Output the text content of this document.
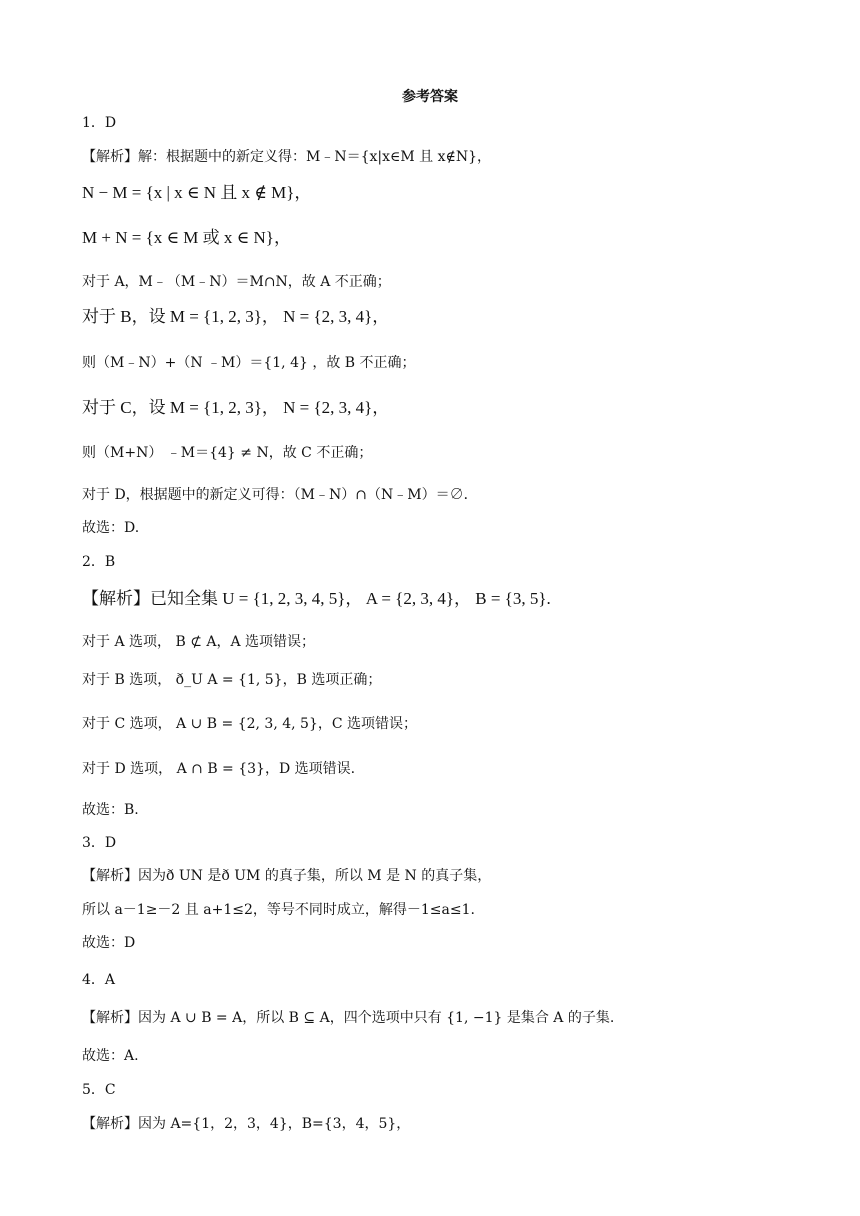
参考答案
1．D
【解析】解：根据题中的新定义得：M﹣N＝{x|x∈M 且 x∉N}，
N − M = {x | x ∈ N 且 x ∉ M}，
M + N = {x ∈ M 或 x ∈ N}，
对于 A，M﹣（M﹣N）＝M∩N，故 A 不正确；
对于 B，设 M = {1, 2, 3}， N = {2, 3, 4}，
则（M﹣N）+（N ﹣M）＝{1, 4} ，故 B 不正确；
对于 C，设 M = {1, 2, 3}， N = {2, 3, 4}，
则（M+N） ﹣M＝{4} ≠ N，故 C 不正确；
对于 D，根据题中的新定义可得：（M﹣N）∩（N﹣M）＝∅．
故选：D.
2．B
【解析】已知全集 U = {1, 2, 3, 4, 5}， A = {2, 3, 4}， B = {3, 5}.
对于 A 选项， B ⊄ A，A 选项错误；
对于 B 选项， ð_U A = {1, 5}，B 选项正确；
对于 C 选项， A ∪ B = {2, 3, 4, 5}，C 选项错误；
对于 D 选项， A ∩ B = {3}，D 选项错误.
故选：B.
3．D
【解析】因为ð UN 是ð UM 的真子集，所以 M 是 N 的真子集，
所以 a－1≥－2 且 a+1≤2，等号不同时成立，解得－1≤a≤1.
故选：D
4．A
【解析】因为 A ∪ B = A，所以 B ⊆ A，四个选项中只有 {1, −1} 是集合 A 的子集.
故选：A.
5．C
【解析】因为 A={1，2，3，4}，B={3，4，5}，
